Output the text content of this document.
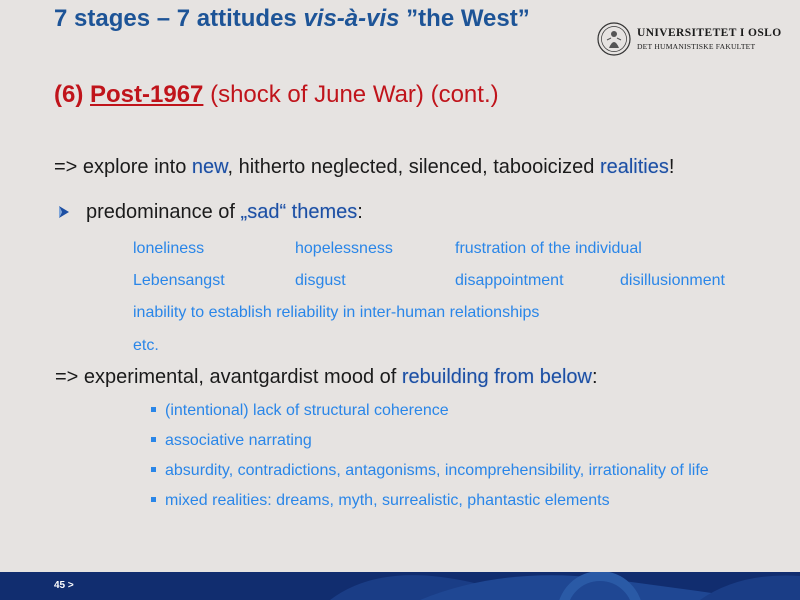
7 stages – 7 attitudes vis-à-vis ”the West”
(6) Post-1967 (shock of June War) (cont.)
UNIVERSITETET I OSLO
DET HUMANISTISKE FAKULTET
=> explore into new, hitherto neglected, silenced, tabooicized realities!
predominance of „sad“ themes:
loneliness	hopelessness	frustration of the individual
Lebensangst	disgust	disappointment	disillusionment
inability to establish reliability in inter-human relationships
etc.
=> experimental, avantgardist mood of rebuilding from below:
(intentional) lack of structural coherence
associative narrating
absurdity, contradictions, antagonisms, incomprehensibility, irrationality of life
mixed realities: dreams, myth, surrealistic, phantastic elements
45 >
